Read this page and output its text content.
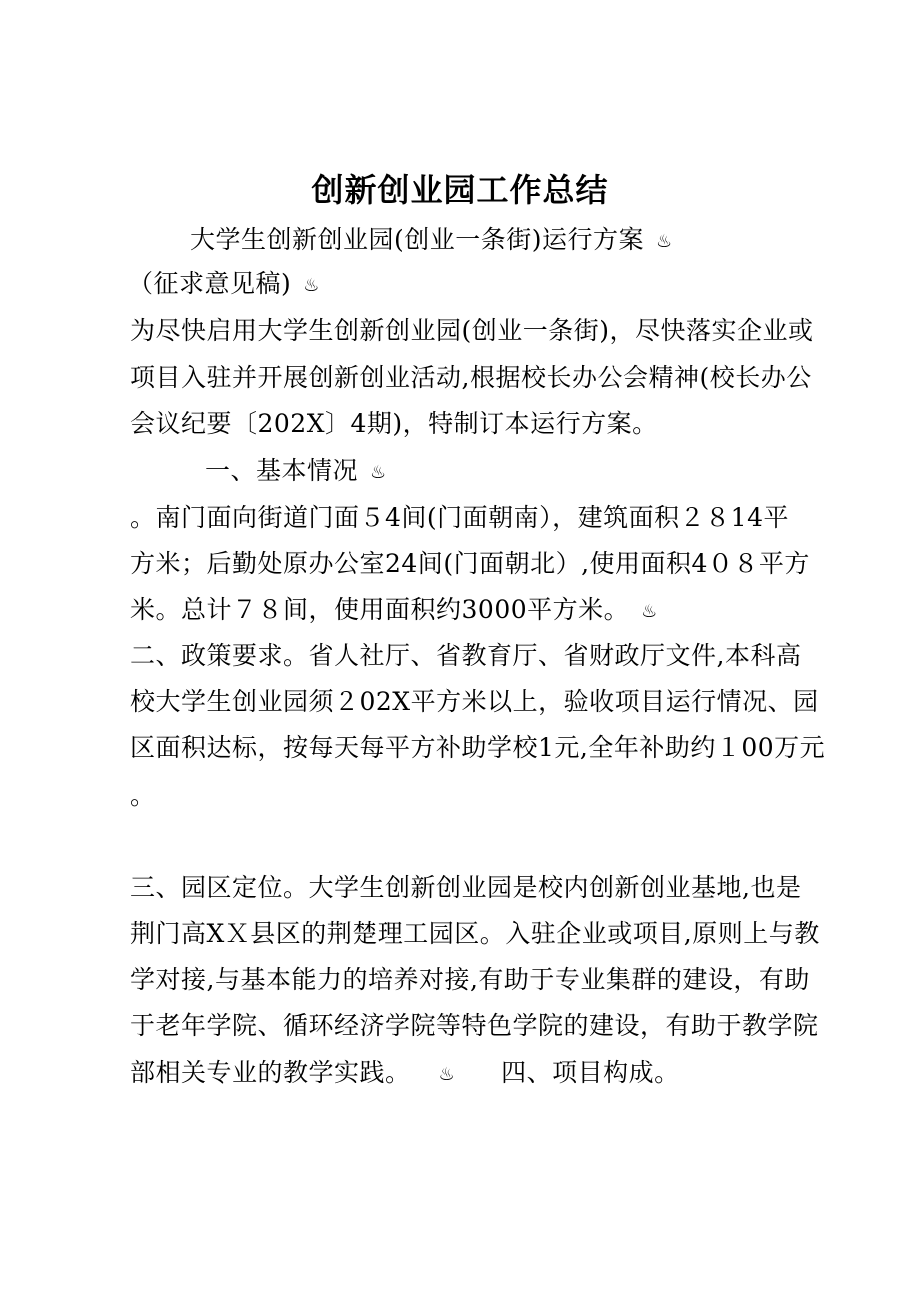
创新创业园工作总结
大学生创新创业园(创业一条街)运行方案 ♨
（征求意见稿) ♨
为尽快启用大学生创新创业园(创业一条街)，尽快落实企业或
项目入驻并开展创新创业活动,根据校长办公会精神(校长办公
会议纪要〔202X〕4期)，特制订本运行方案。
一、基本情况 ♨
。南门面向街道门面５4间(门面朝南），建筑面积２８14平
方米；后勤处原办公室24间(门面朝北）,使用面积4０８平方
米。总计７８间，使用面积约3000平方米。 ♨
二、政策要求。省人社厅、省教育厅、省财政厅文件,本科高
校大学生创业园须２02X平方米以上，验收项目运行情况、园
区面积达标，按每天每平方补助学校1元,全年补助约１00万元
。
三、园区定位。大学生创新创业园是校内创新创业基地,也是
荆门高XＸ县区的荆楚理工园区。入驻企业或项目,原则上与教
学对接,与基本能力的培养对接,有助于专业集群的建设，有助
于老年学院、循环经济学院等特色学院的建设，有助于教学院
部相关专业的教学实践。 ♨ 四、项目构成。
